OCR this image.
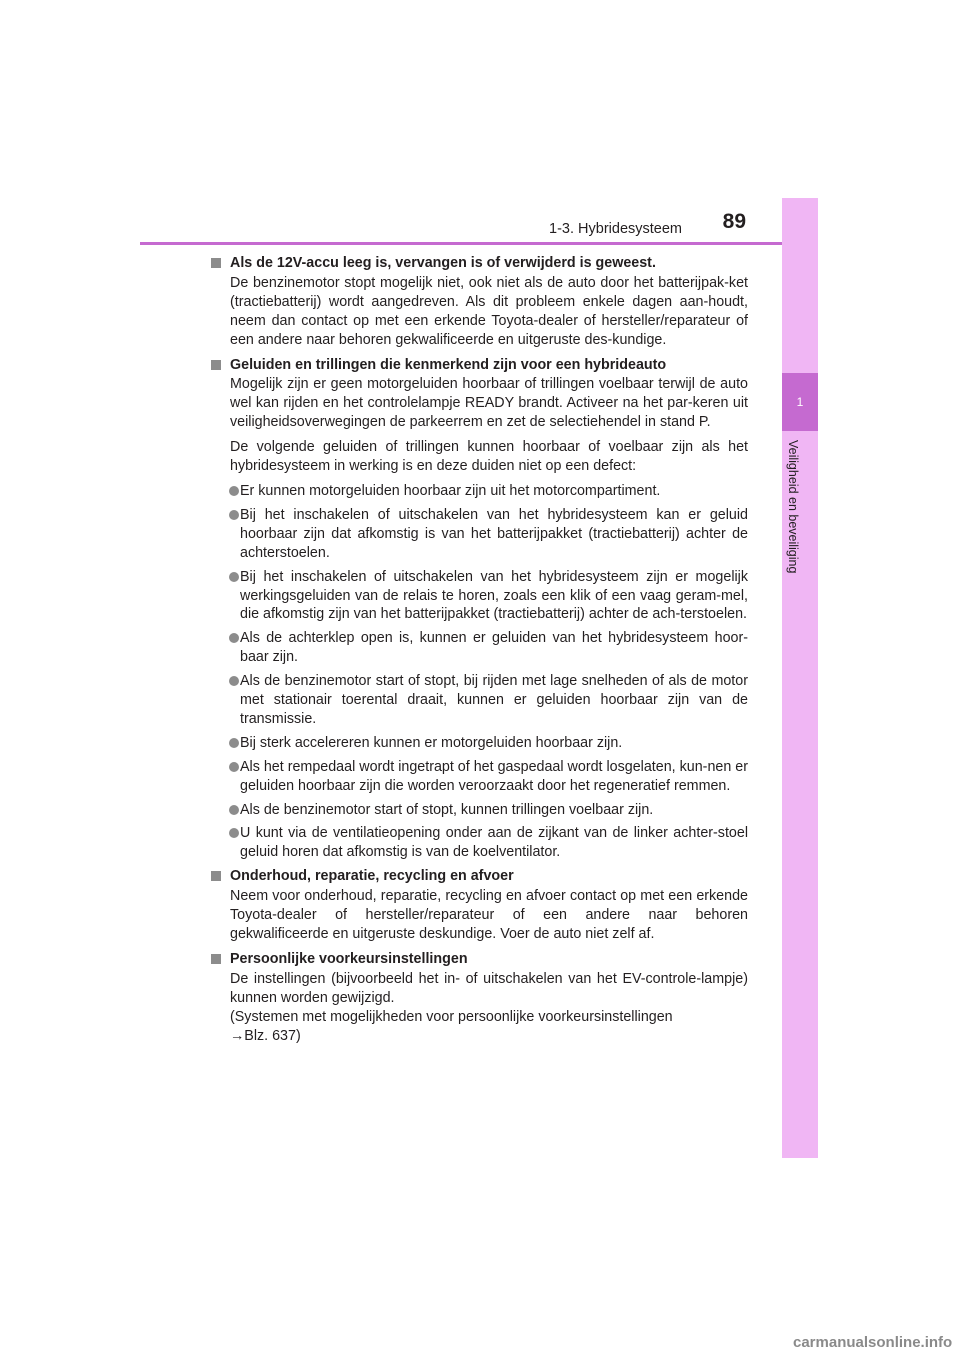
1-3. Hybridesysteem	89
1
Veiligheid en beveiliging
Als de 12V-accu leeg is, vervangen is of verwijderd is geweest.
De benzinemotor stopt mogelijk niet, ook niet als de auto door het batterijpak-ket (tractiebatterij) wordt aangedreven. Als dit probleem enkele dagen aan-houdt, neem dan contact op met een erkende Toyota-dealer of hersteller/reparateur of een andere naar behoren gekwalificeerde en uitgeruste des-kundige.
Geluiden en trillingen die kenmerkend zijn voor een hybrideauto
Mogelijk zijn er geen motorgeluiden hoorbaar of trillingen voelbaar terwijl de auto wel kan rijden en het controlelampje READY brandt. Activeer na het par-keren uit veiligheidsoverwegingen de parkeerrem en zet de selectiehendel in stand P.
De volgende geluiden of trillingen kunnen hoorbaar of voelbaar zijn als het hybridesysteem in werking is en deze duiden niet op een defect:
Er kunnen motorgeluiden hoorbaar zijn uit het motorcompartiment.
Bij het inschakelen of uitschakelen van het hybridesysteem kan er geluid hoorbaar zijn dat afkomstig is van het batterijpakket (tractiebatterij) achter de achterstoelen.
Bij het inschakelen of uitschakelen van het hybridesysteem zijn er mogelijk werkingsgeluiden van de relais te horen, zoals een klik of een vaag geram-mel, die afkomstig zijn van het batterijpakket (tractiebatterij) achter de ach-terstoelen.
Als de achterklep open is, kunnen er geluiden van het hybridesysteem hoor-baar zijn.
Als de benzinemotor start of stopt, bij rijden met lage snelheden of als de motor met stationair toerental draait, kunnen er geluiden hoorbaar zijn van de transmissie.
Bij sterk accelereren kunnen er motorgeluiden hoorbaar zijn.
Als het rempedaal wordt ingetrapt of het gaspedaal wordt losgelaten, kun-nen er geluiden hoorbaar zijn die worden veroorzaakt door het regeneratief remmen.
Als de benzinemotor start of stopt, kunnen trillingen voelbaar zijn.
U kunt via de ventilatieopening onder aan de zijkant van de linker achter-stoel geluid horen dat afkomstig is van de koelventilator.
Onderhoud, reparatie, recycling en afvoer
Neem voor onderhoud, reparatie, recycling en afvoer contact op met een erkende Toyota-dealer of hersteller/reparateur of een andere naar behoren gekwalificeerde en uitgeruste deskundige. Voer de auto niet zelf af.
Persoonlijke voorkeursinstellingen
De instellingen (bijvoorbeeld het in- of uitschakelen van het EV-controle-lampje) kunnen worden gewijzigd.
(Systemen met mogelijkheden voor persoonlijke voorkeursinstellingen
→Blz. 637)
carmanualsonline.info
